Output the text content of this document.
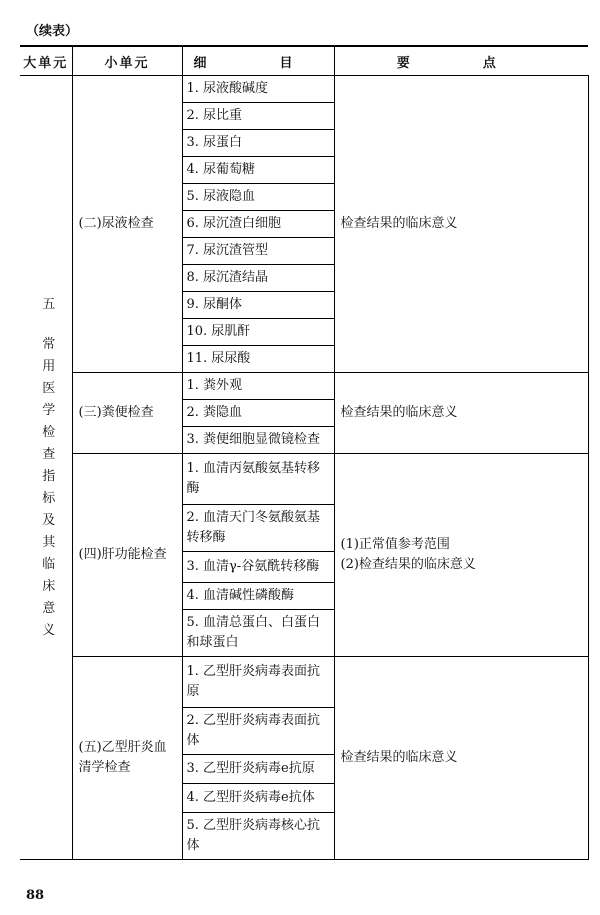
（续表）
大单元	小单元	细　目	要　点

五
常用医学检查指标及其临床意义	(二)尿液检查	1. 尿液酸碱度	检查结果的临床意义
		2. 尿比重	
		3. 尿蛋白	
		4. 尿葡萄糖	
		5. 尿液隐血	
		6. 尿沉渣白细胞	
		7. 尿沉渣管型	
		8. 尿沉渣结晶	
		9. 尿酮体	
		10. 尿肌酐	
		11. 尿尿酸	
	(三)粪便检查	1. 粪外观	检查结果的临床意义
		2. 粪隐血	
		3. 粪便细胞显微镜检查	
	(四)肝功能检查	1. 血清丙氨酸氨基转移酶	(1)正常值参考范围
(2)检查结果的临床意义

		2. 血清天门冬氨酸氨基转移酶	
		3. 血清γ-谷氨酰转移酶	
		4. 血清碱性磷酸酶	
		5. 血清总蛋白、白蛋白和球蛋白	
	(五)乙型肝炎血清学检查	1. 乙型肝炎病毒表面抗原	检查结果的临床意义
		2. 乙型肝炎病毒表面抗体	
		3. 乙型肝炎病毒e抗原	
		4. 乙型肝炎病毒e抗体	
		5. 乙型肝炎病毒核心抗体	
88
